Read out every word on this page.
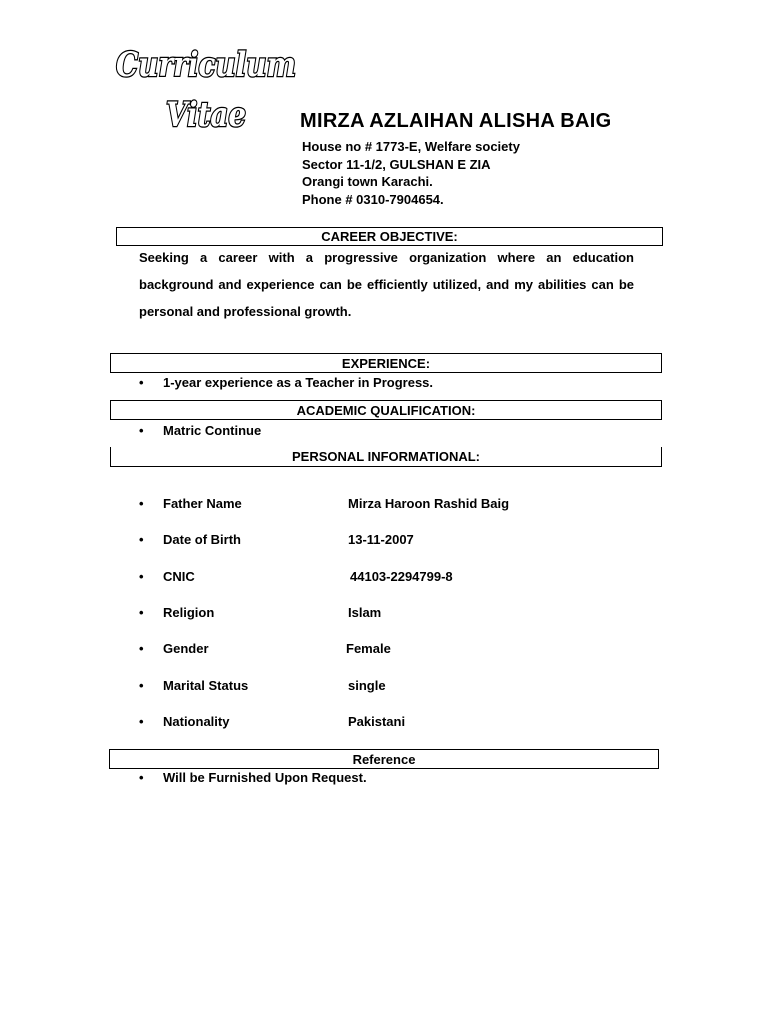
Curriculum
Vitae	MIRZA AZLAIHAN ALISHA BAIG
House no # 1773-E, Welfare society
Sector 11-1/2, GULSHAN E ZIA
Orangi town Karachi.
Phone # 0310-7904654.
CAREER OBJECTIVE:
Seeking a career with a progressive organization where an education background and experience can be efficiently utilized, and my abilities can be personal and professional growth.
EXPERIENCE:
• 1-year experience as a Teacher in Progress.
ACADEMIC QUALIFICATION:
• Matric Continue
PERSONAL INFORMATIONAL:
• Father Name	Mirza Haroon Rashid Baig
• Date of Birth	13-11-2007
• CNIC	44103-2294799-8
• Religion	Islam
• Gender	Female
• Marital Status	single
• Nationality	Pakistani
Reference
• Will be Furnished Upon Request.
